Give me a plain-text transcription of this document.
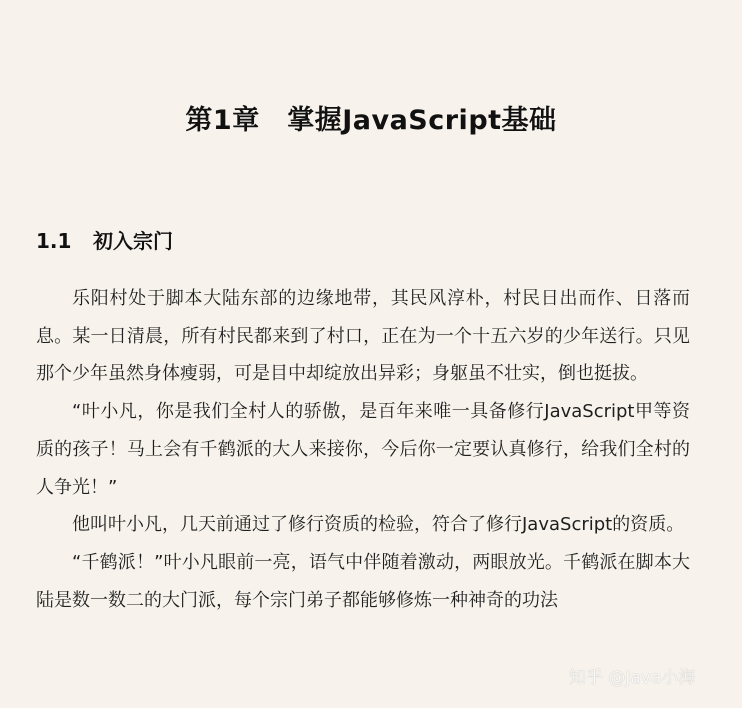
第1章　掌握JavaScript基础
1.1 初入宗门

乐阳村处于脚本大陆东部的边缘地带，其民风淳朴，村民日出而作、日落而息。某一日清晨，所有村民都来到了村口，正在为一个十五六岁的少年送行。只见那个少年虽然身体瘦弱，可是目中却绽放出异彩；身躯虽不壮实，倒也挺拔。

“叶小凡，你是我们全村人的骄傲，是百年来唯一具备修行JavaScript甲等资质的孩子！马上会有千鹤派的大人来接你，今后你一定要认真修行，给我们全村的人争光！”

他叫叶小凡，几天前通过了修行资质的检验，符合了修行JavaScript的资质。

“千鹤派！”叶小凡眼前一亮，语气中伴随着激动，两眼放光。千鹤派在脚本大陆是数一数二的大门派，每个宗门弟子都能够修炼一种神奇的功法

知乎 @Java小海
